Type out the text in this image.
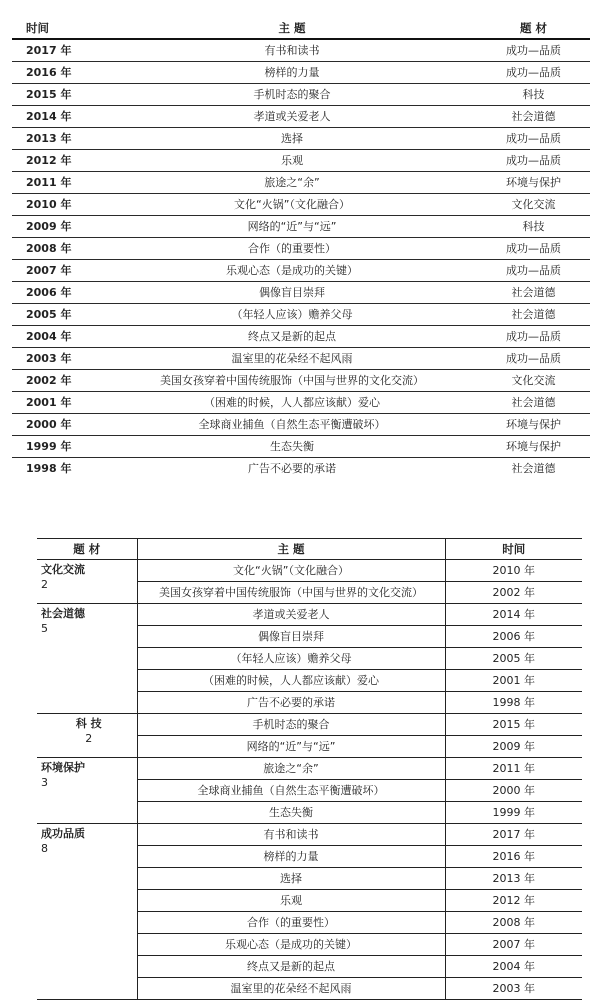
时间	主 题	题 材
2017 年	有书和读书	成功—品质
2016 年	榜样的力量	成功—品质
2015 年	手机时态的聚合	科技
2014 年	孝道或关爱老人	社会道德
2013 年	选择	成功—品质
2012 年	乐观	成功—品质
2011 年	旅途之“余”	环境与保护
2010 年	文化“火锅”（文化融合）	文化交流
2009 年	网络的“近”与“远”	科技
2008 年	合作（的重要性）	成功—品质
2007 年	乐观心态（是成功的关键）	成功—品质
2006 年	偶像盲目崇拜	社会道德
2005 年	（年轻人应该）赡养父母	社会道德
2004 年	终点又是新的起点	成功—品质
2003 年	温室里的花朵经不起风雨	成功—品质
2002 年	美国女孩穿着中国传统服饰（中国与世界的文化交流）	文化交流
2001 年	（困难的时候，人人都应该献）爱心	社会道德
2000 年	全球商业捕鱼（自然生态平衡遭破坏）	环境与保护
1999 年	生态失衡	环境与保护
1998 年	广告不必要的承诺	社会道德
题 材	主 题	时间

文化交流
2	文化“火锅”（文化融合）	2010 年
	美国女孩穿着中国传统服饰（中国与世界的文化交流）	2002 年

社会道德
5	孝道或关爱老人	2014 年
	偶像盲目崇拜	2006 年
	（年轻人应该）赡养父母	2005 年
	（困难的时候，人人都应该献）爱心	2001 年
	广告不必要的承诺	1998 年

科 技
2	手机时态的聚合	2015 年
	网络的“近”与“远”	2009 年

环境保护
3	旅途之“余”	2011 年
	全球商业捕鱼（自然生态平衡遭破坏）	2000 年
	生态失衡	1999 年

成功品质
8	有书和读书	2017 年
	榜样的力量	2016 年
	选择	2013 年
	乐观	2012 年
	合作（的重要性）	2008 年
	乐观心态（是成功的关键）	2007 年
	终点又是新的起点	2004 年
	温室里的花朵经不起风雨	2003 年
